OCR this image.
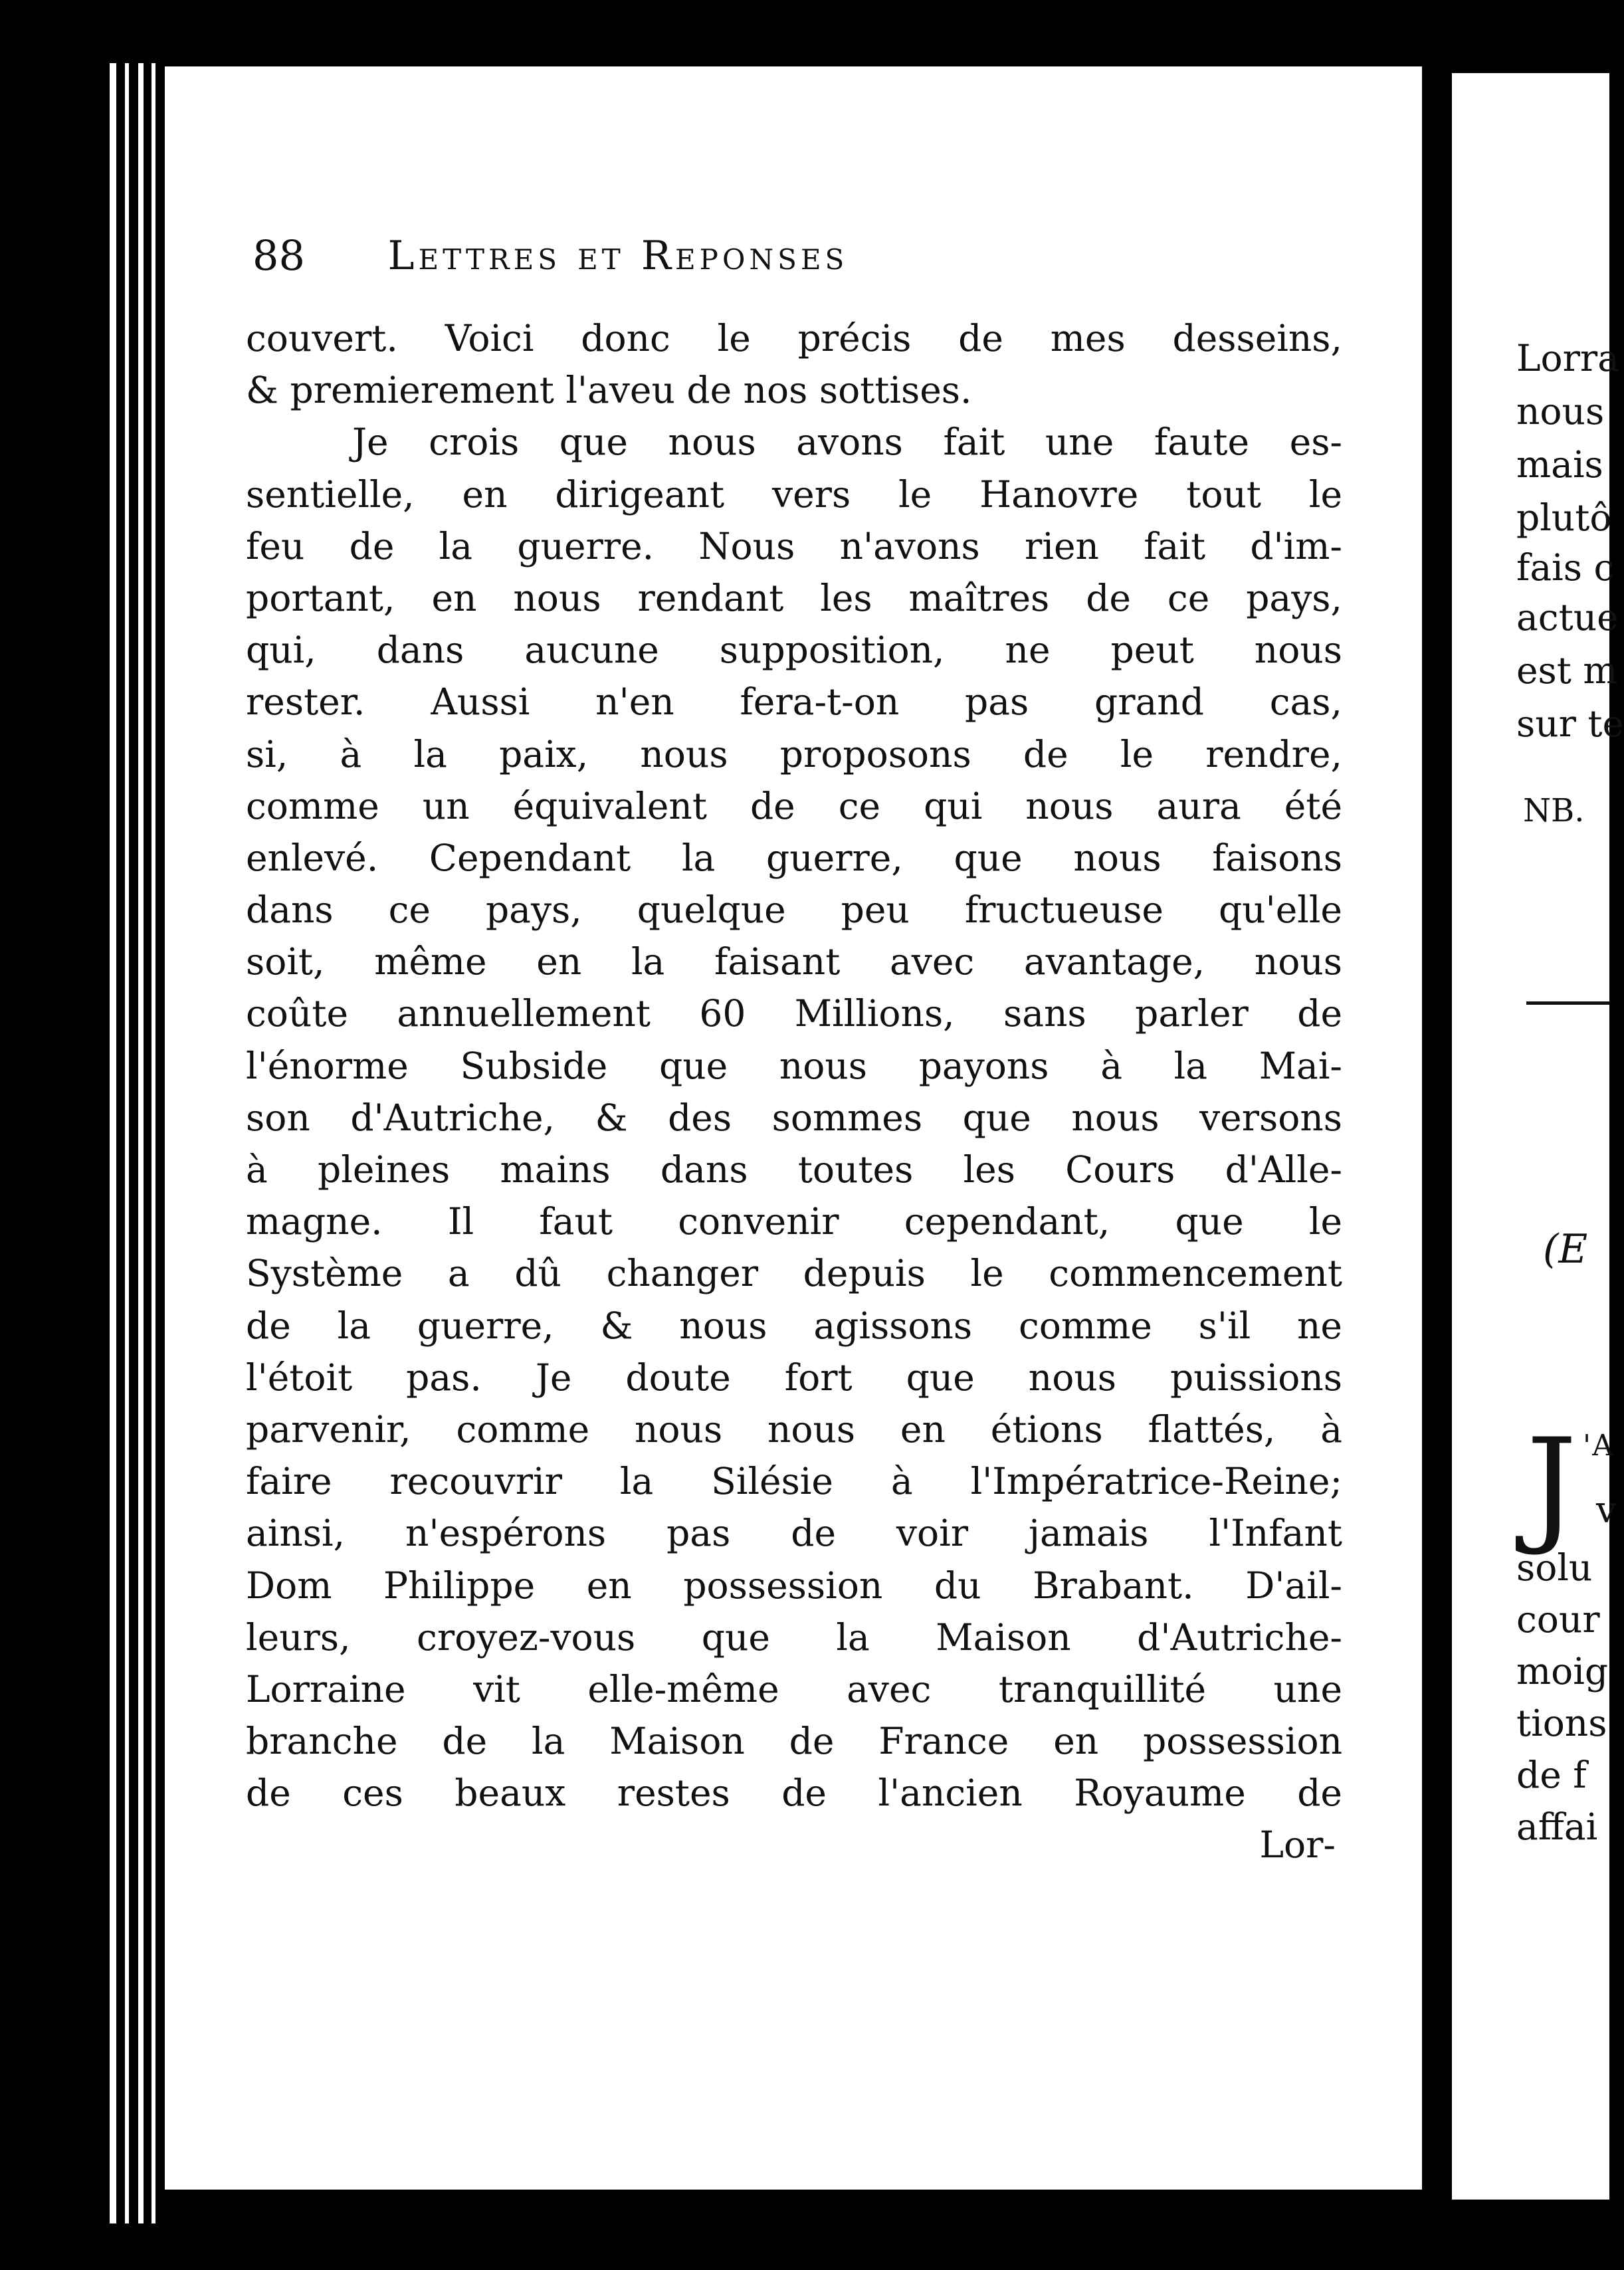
88 Lettres et Reponses
couvert. Voici donc le précis de mes desseins,
& premierement l'aveu de nos sottises.
Je crois que nous avons fait une faute es-
sentielle, en dirigeant vers le Hanovre tout le
feu de la guerre. Nous n'avons rien fait d'im-
portant, en nous rendant les maîtres de ce pays,
qui, dans aucune supposition, ne peut nous
rester. Aussi n'en fera-t-on pas grand cas,
si, à la paix, nous proposons de le rendre,
comme un équivalent de ce qui nous aura été
enlevé. Cependant la guerre, que nous faisons
dans ce pays, quelque peu fructueuse qu'elle
soit, même en la faisant avec avantage, nous
coûte annuellement 60 Millions, sans parler de
l'énorme Subside que nous payons à la Mai-
son d'Autriche, & des sommes que nous versons
à pleines mains dans toutes les Cours d'Alle-
magne. Il faut convenir cependant, que le
Système a dû changer depuis le commencement
de la guerre, & nous agissons comme s'il ne
l'étoit pas. Je doute fort que nous puissions
parvenir, comme nous nous en étions flattés, à
faire recouvrir la Silésie à l'Impératrice-Reine;
ainsi, n'espérons pas de voir jamais l'Infant
Dom Philippe en possession du Brabant. D'ail-
leurs, croyez-vous que la Maison d'Autriche-
Lorraine vit elle-même avec tranquillité une
branche de la Maison de France en possession
de ces beaux restes de l'ancien Royaume de
Lor-
Lorra
nous
mais
plutô
fais c
actue
est m
sur te
NB.
(E
J 'A
v
solu
cour
moig
tions
de f
affai
